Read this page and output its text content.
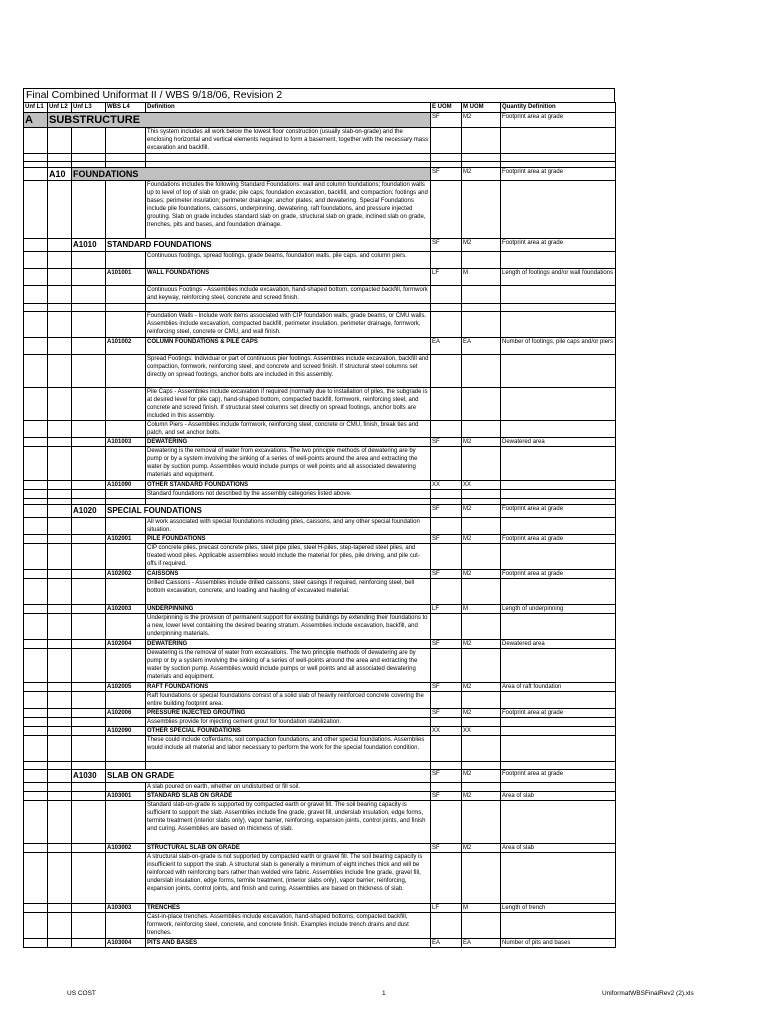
Final Combined Uniformat II / WBS 9/18/06, Revision 2
Unf L1	Unf L2	Unf L3	WBS L4	Definition	E UOM	M UOM	Quantity Definition
A	SUBSTRUCTURE				SF	M2	Footprint area at grade
				This system includes all work below the lowest floor construction (usually slab-on-grade) and the enclosing horizontal and vertical elements required to form a basement, together with the necessary mass excavation and backfill.			

	A10	FOUNDATIONS			SF	M2	Footprint area at grade
				Foundations includes the following Standard Foundations: wall and column foundations; foundation walls up to level of top of slab on grade; pile caps; foundation excavation, backfill, and compaction; footings and bases; perimeter insulation; perimeter drainage; anchor plates; and dewatering. Special Foundations include pile foundations, caissons, underpinning, dewatering, raft foundations, and pressure injected grouting. Slab on grade includes standard slab on grade, structural slab on grade, inclined slab on grade, trenches, pits and bases, and foundation drainage.			
		A1010	STANDARD FOUNDATIONS		SF	M2	Footprint area at grade
				Continuous footings, spread footings, grade beams, foundation walls, pile caps, and column piers.			
			A101001	WALL FOUNDATIONS	LF	M	Length of footings and/or wall foundations
				Continuous Footings - Assemblies include excavation, hand-shaped bottom, compacted backfill, formwork and keyway, reinforcing steel, concrete and screed finish.			

				Foundation Walls - Include work items associated with CIP foundation walls, grade beams, or CMU walls. Assemblies include excavation, compacted backfill, perimeter insulation, perimeter drainage, formwork, reinforcing steel, concrete or CMU, and wall finish.			
			A101002	COLUMN FOUNDATIONS & PILE CAPS	EA	EA	Number of footings, pile caps and/or piers
				Spread Footings: Individual or part of continuous pier footings. Assemblies include excavation, backfill and compaction, formwork, reinforcing steel, and concrete and screed finish. If structural steel columns set directly on spread footings, anchor bolts are included in this assembly.			
				Pile Caps - Assemblies include excavation if required (normally due to installation of piles, the subgrade is at desired level for pile cap), hand-shaped bottom, compacted backfill, formwork, reinforcing steel, and concrete and screed finish. If structural steel columns set directly on spread footings, anchor bolts are included in this assembly.			
				Column Piers - Assemblies include formwork, reinforcing steel, concrete or CMU, finish, break ties and patch, and set anchor bolts.			
			A101003	DEWATERING	SF	M2	Dewatered area
				Dewatering is the removal of water from excavations. The two principle methods of dewatering are by pump or by a system involving the sinking of a series of well-points around the area and extracting the water by suction pump. Assemblies would include pumps or well points and all associated dewatering materials and equipment.			
			A101090	OTHER STANDARD FOUNDATIONS	XX	XX	
				Standard foundations not described by the assembly categories listed above.			

		A1020	SPECIAL FOUNDATIONS		SF	M2	Footprint area at grade
				All work associated with special foundations including piles, caissons, and any other special foundation situation.			
			A102001	PILE FOUNDATIONS	SF	M2	Footprint area at grade
				CIP concrete piles, precast concrete piles, steel pipe piles, steel H-piles, step-tapered steel piles, and treated wood piles. Applicable assemblies would include the material for piles, pile driving, and pile cut-offs if required.			
			A102002	CAISSONS	SF	M2	Footprint area at grade
				Drilled Caissons - Assemblies include drilled caissons, steel casings if required, reinforcing steel, bell bottom excavation, concrete, and loading and hauling of excavated material.			
			A102003	UNDERPINNING	LF	M	Length of underpinning
				Underpinning is the provision of permanent support for existing buildings by extending their foundations to a new, lower level containing the desired bearing stratum. Assemblies include excavation, backfill, and underpinning materials.			
			A102004	DEWATERING	SF	M2	Dewatered area
				Dewatering is the removal of water from excavations. The two principle methods of dewatering are by pump or by a system involving the sinking of a series of well-points around the area and extracting the water by suction pump. Assemblies would include pumps or well points and all associated dewatering materials and equipment.			
			A102005	RAFT FOUNDATIONS	SF	M2	Area of raft foundation
				Raft foundations or special foundations consist of a solid slab of heavily reinforced concrete covering the entire building footprint area.			
			A102006	PRESSURE INJECTED GROUTING	SF	M2	Footprint area at grade
				Assemblies provide for injecting cement grout for foundation stabilization.			
			A102090	OTHER SPECIAL FOUNDATIONS	XX	XX	
				These could include cofferdams, soil compaction foundations, and other special foundations. Assemblies would include all material and labor necessary to perform the work for the special foundation condition.			

		A1030	SLAB ON GRADE		SF	M2	Footprint area at grade
				A slab poured on earth, whether on undisturbed or fill soil.			
			A103001	STANDARD SLAB ON GRADE	SF	M2	Area of slab
				Standard slab-on-grade is supported by compacted earth or gravel fill. The soil bearing capacity is sufficient to support the slab. Assemblies include fine grade, gravel fill, underslab insulation, edge forms, termite treatment (interior slabs only), vapor barrier, reinforcing, expansion joints, control joints, and finish and curing. Assemblies are based on thickness of slab.			
			A103002	STRUCTURAL SLAB ON GRADE	SF	M2	Area of slab
				A structural slab-on-grade is not supported by compacted earth or gravel fill. The soil bearing capacity is insufficient to support the slab. A structural slab is generally a minimum of eight inches thick and will be reinforced with reinforcing bars rather than welded wire fabric. Assemblies include fine grade, gravel fill, underslab insulation, edge forms, termite treatment, (interior slabs only), vapor barrier, reinforcing, expansion joints, control joints, and finish and curing. Assemblies are based on thickness of slab.			
			A103003	TRENCHES	LF	M	Length of trench
				Cast-in-place trenches. Assemblies include excavation, hand-shaped bottoms, compacted backfill, formwork, reinforcing steel, concrete, and concrete finish. Examples include trench drains and dust trenches.			
			A103004	PITS AND BASES	EA	EA	Number of pits and bases
US COST	1	UniformatWBSFinalRev2 (2).xls
